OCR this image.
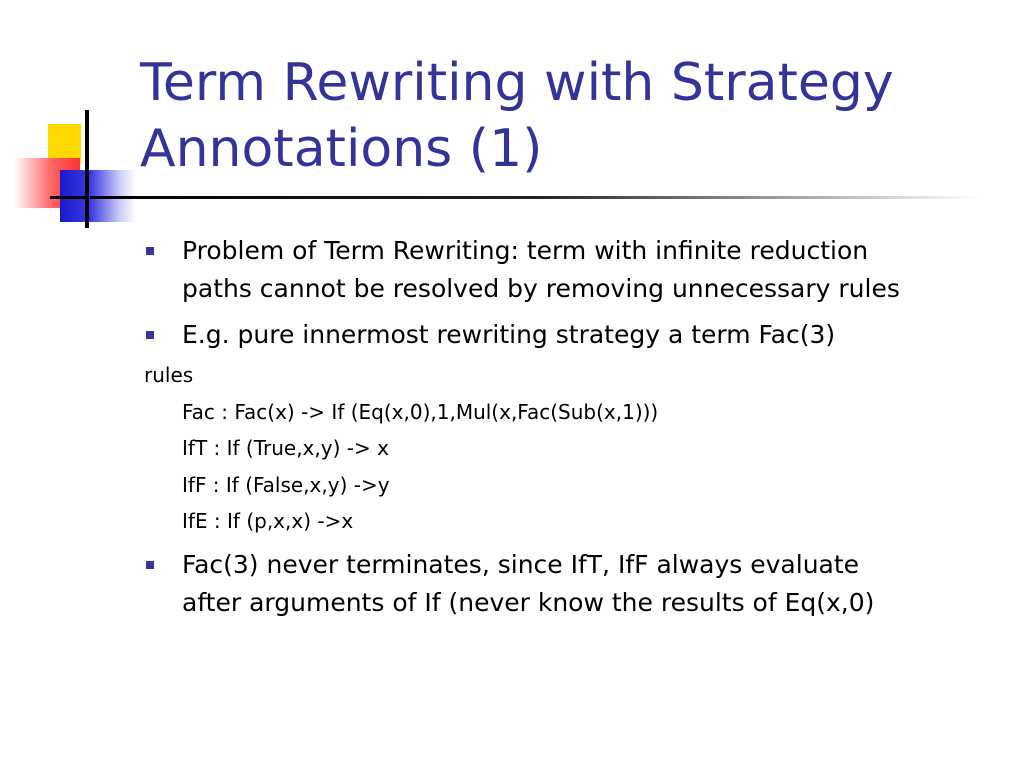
Term Rewriting with Strategy
Annotations (1)
Problem of Term Rewriting: term with infinite reduction
paths cannot be resolved by removing unnecessary rules
E.g. pure innermost rewriting strategy a term Fac(3)
rules
Fac : Fac(x) -> If (Eq(x,0),1,Mul(x,Fac(Sub(x,1)))
IfT : If (True,x,y) -> x
IfF : If (False,x,y) ->y
IfE : If (p,x,x) ->x
Fac(3) never terminates, since IfT, IfF always evaluate
after arguments of If (never know the results of Eq(x,0)
